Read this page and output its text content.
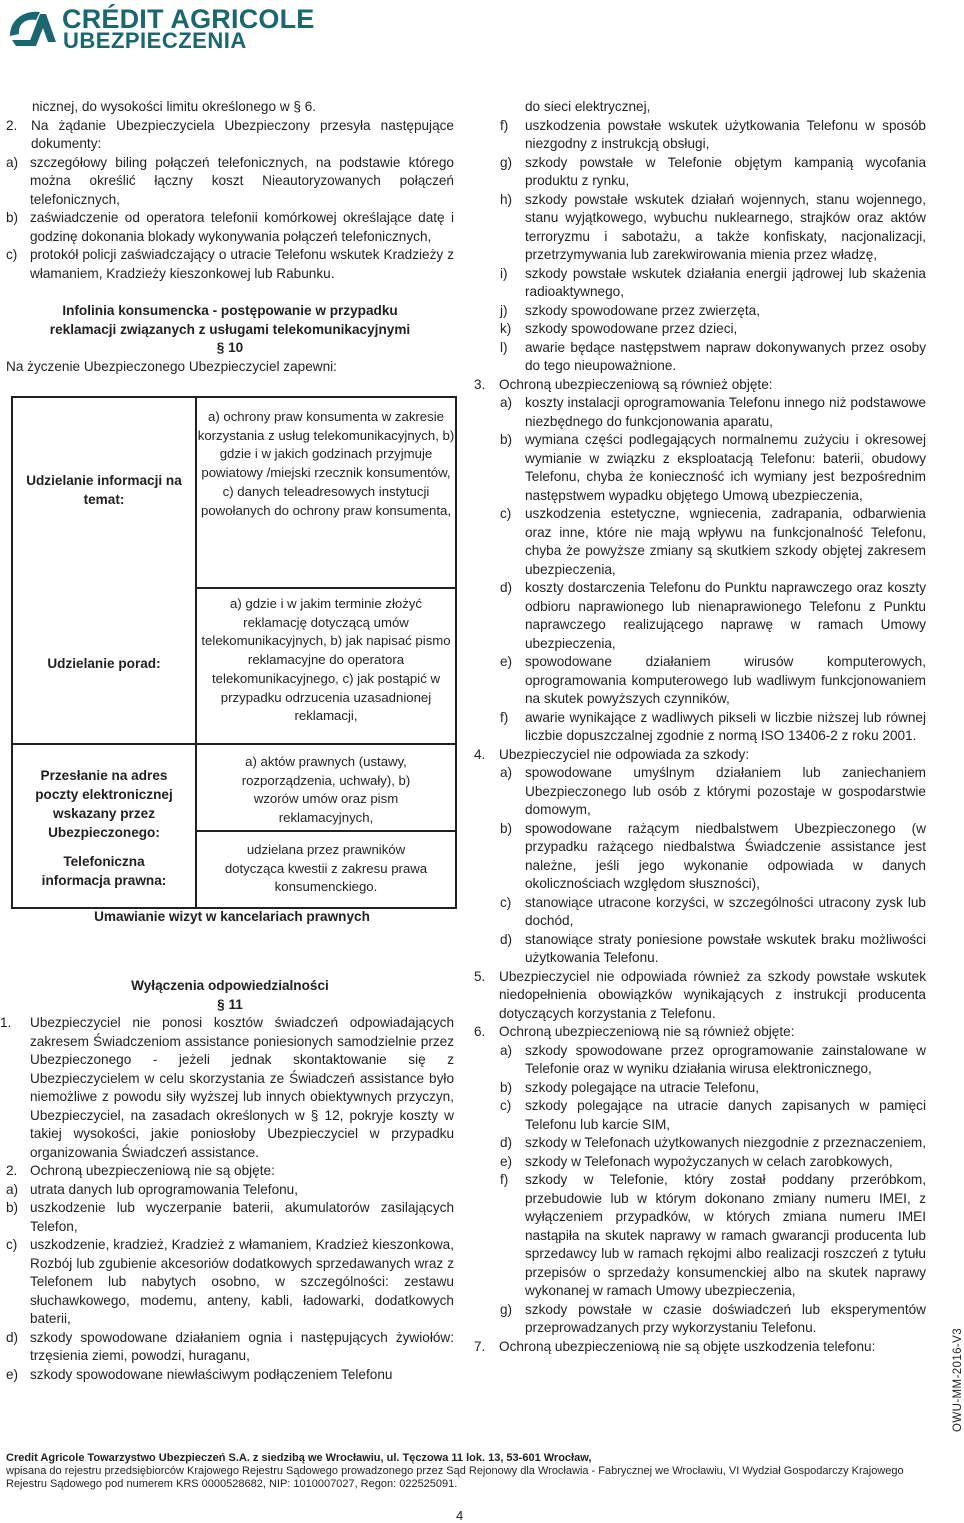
CRÉDIT AGRICOLE
UBEZPIECZENIA

nicznej, do wysokości limitu określonego w § 6.

2. Na żądanie Ubezpieczyciela Ubezpieczony przesyła następujące dokumenty:
a) szczegółowy biling połączeń telefonicznych, na podstawie którego można określić łączny koszt Nieautoryzowanych połączeń telefonicznych,
b) zaświadczenie od operatora telefonii komórkowej określające datę i godzinę dokonania blokady wykonywania połączeń telefonicznych,
c) protokół policji zaświadczający o utracie Telefonu wskutek Kradzieży z włamaniem, Kradzieży kieszonkowej lub Rabunku.

Infolinia konsumencka - postępowanie w przypadku

reklamacji związanych z usługami telekomunikacyjnymi

§ 10

Na życzenie Ubezpieczonego Ubezpieczyciel zapewni:

Udzielanie informacji na temat:
a) ochrony praw konsumenta w zakresie korzystania z usług telekomunikacyjnych, b) gdzie i w jakich godzinach przyjmuje powiatowy /miejski rzecznik konsumentów, c) danych teleadresowych instytucji powołanych do ochrony praw konsumenta,
Udzielanie porad:
a) gdzie i w jakim terminie złożyć reklamację dotyczącą umów telekomunikacyjnych, b) jak napisać pismo reklamacyjne do operatora telekomunikacyjnego, c) jak postąpić w przypadku odrzucenia uzasadnionej reklamacji,
Przesłanie na adres poczty elektronicznej wskazany przez Ubezpieczonego:
a) aktów prawnych (ustawy, rozporządzenia, uchwały), b) wzorów umów oraz pism reklamacyjnych,
Telefoniczna informacja prawna:
udzielana przez prawników dotycząca kwestii z zakresu prawa konsumenckiego.
Umawianie wizyt w kancelariach prawnych

Wyłączenia odpowiedzialności

§ 11

1. Ubezpieczyciel nie ponosi kosztów świadczeń odpowiadających zakresem Świadczeniom assistance poniesionych samodzielnie przez Ubezpieczonego - jeżeli jednak skontaktowanie się z Ubezpieczycielem w celu skorzystania ze Świadczeń assistance było niemożliwe z powodu siły wyższej lub innych obiektywnych przyczyn, Ubezpieczyciel, na zasadach określonych w § 12, pokryje koszty w takiej wysokości, jakie poniosłoby Ubezpieczyciel w przypadku organizowania Świadczeń assistance.
2. Ochroną ubezpieczeniową nie są objęte:
a) utrata danych lub oprogramowania Telefonu,
b) uszkodzenie lub wyczerpanie baterii, akumulatorów zasilających Telefon,
c) uszkodzenie, kradzież, Kradzież z włamaniem, Kradzież kieszonkowa, Rozbój lub zgubienie akcesoriów dodatkowych sprzedawanych wraz z Telefonem lub nabytych osobno, w szczególności: zestawu słuchawkowego, modemu, anteny, kabli, ładowarki, dodatkowych baterii,
d) szkody spowodowane działaniem ognia i następujących żywiołów: trzęsienia ziemi, powodzi, huraganu,
e) szkody spowodowane niewłaściwym podłączeniem Telefonu

do sieci elektrycznej,

f) uszkodzenia powstałe wskutek użytkowania Telefonu w sposób niezgodny z instrukcją obsługi,
g) szkody powstałe w Telefonie objętym kampanią wycofania produktu z rynku,
h) szkody powstałe wskutek działań wojennych, stanu wojennego, stanu wyjątkowego, wybuchu nuklearnego, strajków oraz aktów terroryzmu i sabotażu, a także konfiskaty, nacjonalizacji, przetrzymywania lub zarekwirowania mienia przez władzę,
i) szkody powstałe wskutek działania energii jądrowej lub skażenia radioaktywnego,
j) szkody spowodowane przez zwierzęta,
k) szkody spowodowane przez dzieci,
l) awarie będące następstwem napraw dokonywanych przez osoby do tego nieupoważnione.
3. Ochroną ubezpieczeniową są również objęte:
a) koszty instalacji oprogramowania Telefonu innego niż podstawowe niezbędnego do funkcjonowania aparatu,
b) wymiana części podlegających normalnemu zużyciu i okresowej wymianie w związku z eksploatacją Telefonu: baterii, obudowy Telefonu, chyba że konieczność ich wymiany jest bezpośrednim następstwem wypadku objętego Umową ubezpieczenia,
c) uszkodzenia estetyczne, wgniecenia, zadrapania, odbarwienia oraz inne, które nie mają wpływu na funkcjonalność Telefonu, chyba że powyższe zmiany są skutkiem szkody objętej zakresem ubezpieczenia,
d) koszty dostarczenia Telefonu do Punktu naprawczego oraz koszty odbioru naprawionego lub nienaprawionego Telefonu z Punktu naprawczego realizującego naprawę w ramach Umowy ubezpieczenia,
e) spowodowane działaniem wirusów komputerowych, oprogramowania komputerowego lub wadliwym funkcjonowaniem na skutek powyższych czynników,
f) awarie wynikające z wadliwych pikseli w liczbie niższej lub równej liczbie dopuszczalnej zgodnie z normą ISO 13406-2 z roku 2001.
4. Ubezpieczyciel nie odpowiada za szkody:
a) spowodowane umyślnym działaniem lub zaniechaniem Ubezpieczonego lub osób z którymi pozostaje w gospodarstwie domowym,
b) spowodowane rażącym niedbalstwem Ubezpieczonego (w przypadku rażącego niedbalstwa Świadczenie assistance jest należne, jeśli jego wykonanie odpowiada w danych okolicznościach względom słuszności),
c) stanowiące utracone korzyści, w szczególności utracony zysk lub dochód,
d) stanowiące straty poniesione powstałe wskutek braku możliwości użytkowania Telefonu.
5. Ubezpieczyciel nie odpowiada również za szkody powstałe wskutek niedopełnienia obowiązków wynikających z instrukcji producenta dotyczących korzystania z Telefonu.
6. Ochroną ubezpieczeniową nie są również objęte:
a) szkody spowodowane przez oprogramowanie zainstalowane w Telefonie oraz w wyniku działania wirusa elektronicznego,
b) szkody polegające na utracie Telefonu,
c) szkody polegające na utracie danych zapisanych w pamięci Telefonu lub karcie SIM,
d) szkody w Telefonach użytkowanych niezgodnie z przeznaczeniem,
e) szkody w Telefonach wypożyczanych w celach zarobkowych,
f) szkody w Telefonie, który został poddany przeróbkom, przebudowie lub w którym dokonano zmiany numeru IMEI, z wyłączeniem przypadków, w których zmiana numeru IMEI nastąpiła na skutek naprawy w ramach gwarancji producenta lub sprzedawcy lub w ramach rękojmi albo realizacji roszczeń z tytułu przepisów o sprzedaży konsumenckiej albo na skutek naprawy wykonanej w ramach Umowy ubezpieczenia,
g) szkody powstałe w czasie doświadczeń lub eksperymentów przeprowadzanych przy wykorzystaniu Telefonu.
7. Ochroną ubezpieczeniową nie są objęte uszkodzenia telefonu:	OWU-MM-2016-V3
Credit Agricole Towarzystwo Ubezpieczeń S.A. z siedzibą we Wrocławiu, ul. Tęczowa 11 lok. 13, 53-601 Wrocław,
wpisana do rejestru przedsiębiorców Krajowego Rejestru Sądowego prowadzonego przez Sąd Rejonowy dla Wrocławia - Fabrycznej we Wrocławiu, VI Wydział Gospodarczy Krajowego
Rejestru Sądowego pod numerem KRS 0000528682, NIP: 1010007027, Regon: 022525091.
4
